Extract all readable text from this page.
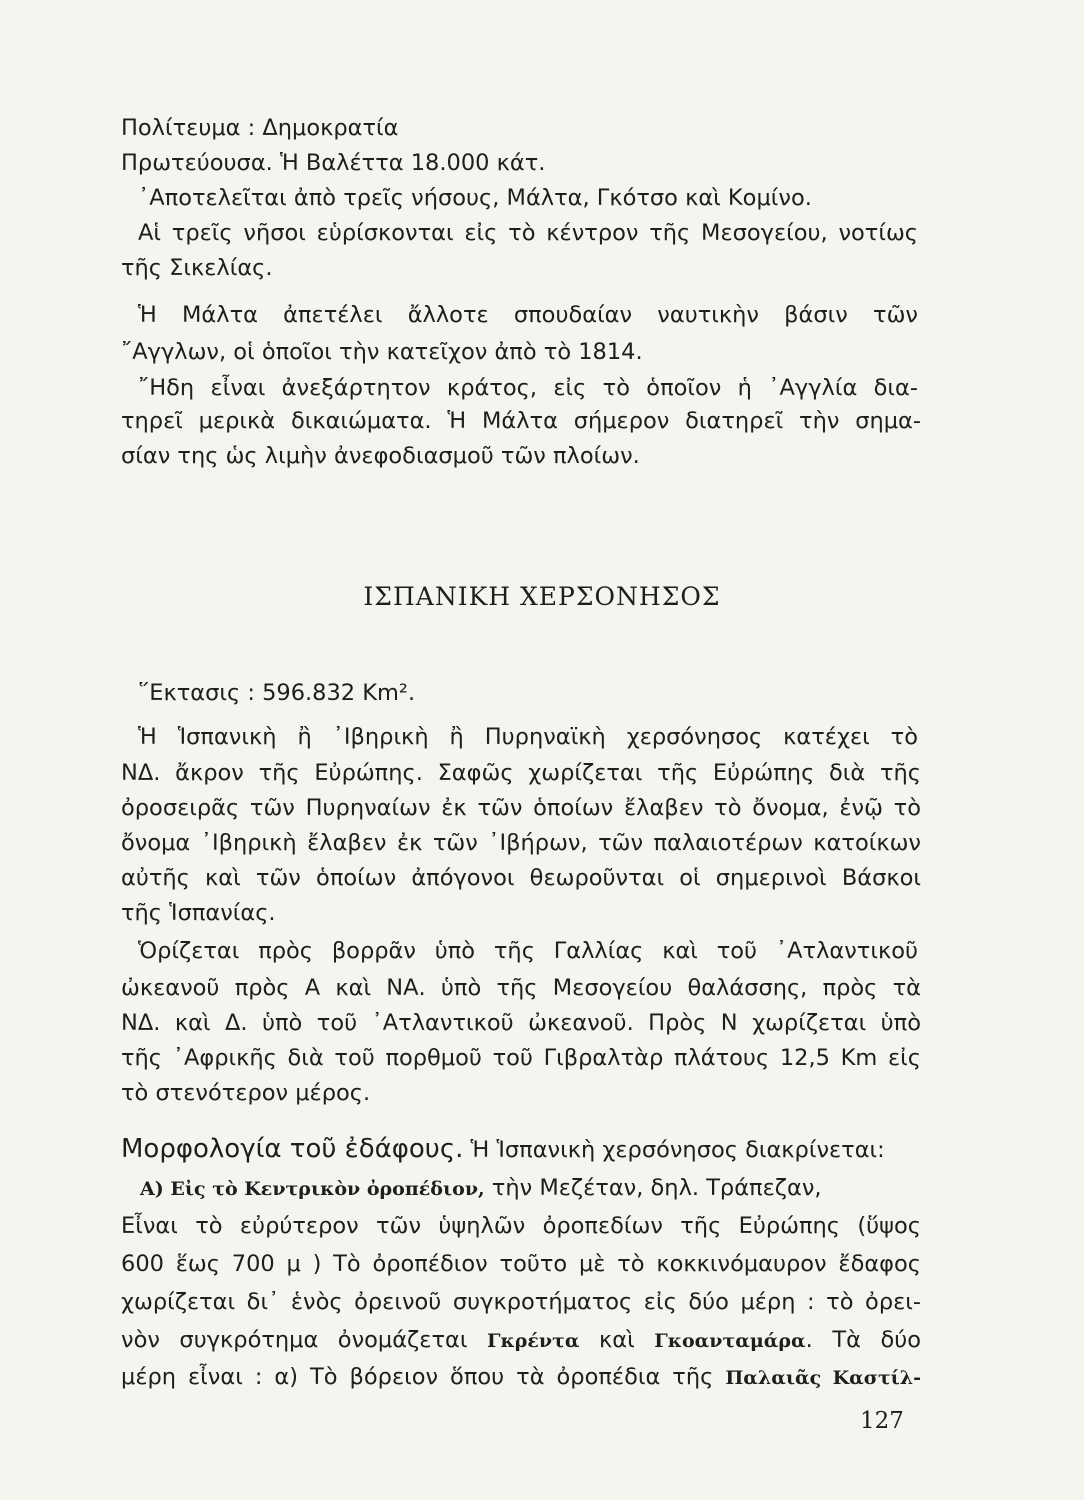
Πολίτευμα : Δημοκρατία
Πρωτεύουσα. Ἡ Βαλέττα 18.000 κάτ.
᾿Αποτελεῖται ἀπὸ τρεῖς νήσους, Μάλτα, Γκότσο καὶ Κομίνο.
Αἱ τρεῖς νῆσοι εὑρίσκονται εἰς τὸ κέντρον τῆς Μεσογείου, νοτίως
τῆς Σικελίας.
Ἡ Μάλτα ἀπετέλει ἄλλοτε σπουδαίαν ναυτικὴν βάσιν τῶν
῎Αγγλων, οἱ ὁποῖοι τὴν κατεῖχον ἀπὸ τὸ 1814.
῎Ηδη εἶναι ἀνεξάρτητον κράτος, εἰς τὸ ὁποῖον ἡ ᾿Αγγλία δια-
τηρεῖ μερικὰ δικαιώματα. Ἡ Μάλτα σήμερον διατηρεῖ τὴν σημα-
σίαν της ὡς λιμὴν ἀνεφοδιασμοῦ τῶν πλοίων.
ΙΣΠΑΝΙΚΗ ΧΕΡΣΟΝΗΣΟΣ
῞Εκτασις : 596.832 Km².
Ἡ Ἱσπανικὴ ἢ ᾿Ιβηρικὴ ἢ Πυρηναϊκὴ χερσόνησος κατέχει τὸ
ΝΔ. ἄκρον τῆς Εὐρώπης. Σαφῶς χωρίζεται τῆς Εὐρώπης διὰ τῆς
ὀροσειρᾶς τῶν Πυρηναίων ἐκ τῶν ὁποίων ἔλαβεν τὸ ὄνομα, ἐνῷ τὸ
ὄνομα ᾿Ιβηρικὴ ἔλαβεν ἐκ τῶν ᾿Ιβήρων, τῶν παλαιοτέρων κατοίκων
αὐτῆς καὶ τῶν ὁποίων ἀπόγονοι θεωροῦνται οἱ σημερινοὶ Βάσκοι
τῆς Ἱσπανίας.
Ὁρίζεται πρὸς βορρᾶν ὑπὸ τῆς Γαλλίας καὶ τοῦ ᾿Ατλαντικοῦ
ὠκεανοῦ πρὸς Α καὶ ΝΑ. ὑπὸ τῆς Μεσογείου θαλάσσης, πρὸς τὰ
ΝΔ. καὶ Δ. ὑπὸ τοῦ ᾿Ατλαντικοῦ ὠκεανοῦ. Πρὸς Ν χωρίζεται ὑπὸ
τῆς ᾿Αφρικῆς διὰ τοῦ πορθμοῦ τοῦ Γιβραλτὰρ πλάτους 12,5 Km εἰς
τὸ στενότερον μέρος.
Μορφολογία τοῦ ἐδάφους. Ἡ Ἱσπανικὴ χερσόνησος διακρίνεται:
Α) Εἰς τὸ Κεντρικὸν ὀροπέδιον, τὴν Μεζέταν, δηλ. Τράπεζαν,
Εἶναι τὸ εὐρύτερον τῶν ὑψηλῶν ὀροπεδίων τῆς Εὐρώπης (ὕψος
600 ἕως 700 μ ) Τὸ ὀροπέδιον τοῦτο μὲ τὸ κοκκινόμαυρον ἔδαφος
χωρίζεται δι᾿ ἑνὸς ὀρεινοῦ συγκροτήματος εἰς δύο μέρη : τὸ ὀρει-
νὸν συγκρότημα ὀνομάζεται Γκρέντα καὶ Γκοανταμάρα. Τὰ δύο
μέρη εἶναι : α) Τὸ βόρειον ὅπου τὰ ὀροπέδια τῆς Παλαιᾶς Καστίλ-
127
